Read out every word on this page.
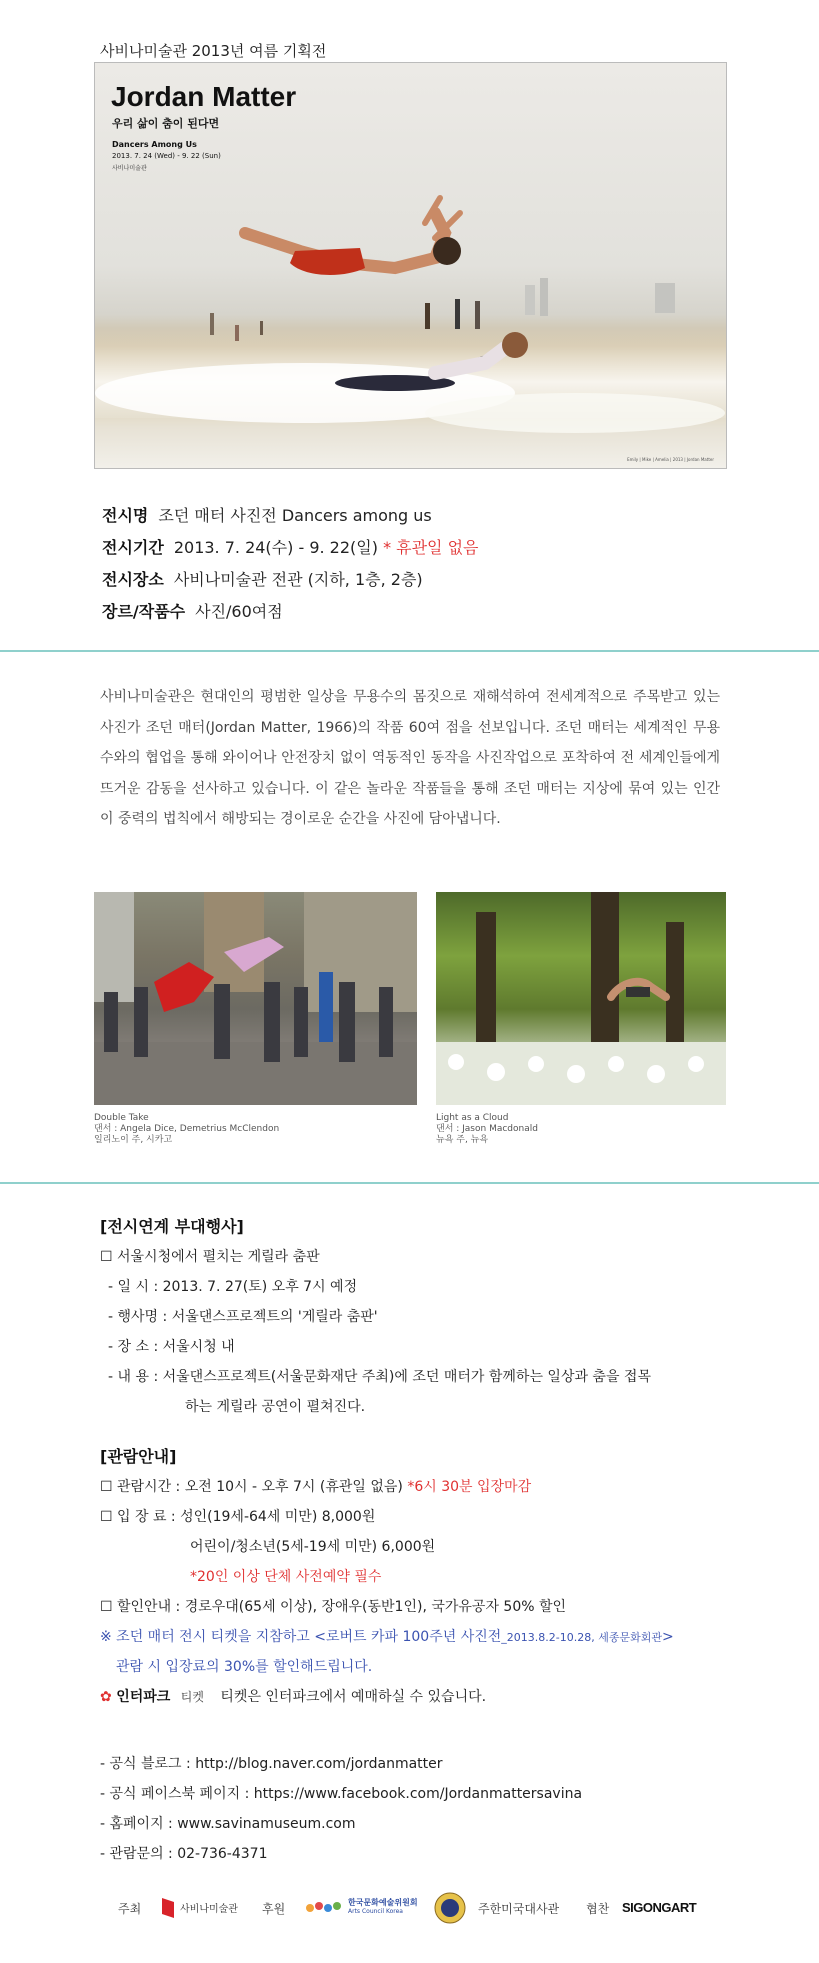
사비나미술관 2013년 여름 기획전
Jordan Matter
우리 삶이 춤이 된다면
Dancers Among Us
2013. 7. 24 (Wed) - 9. 22 (Sun)
사비나미술관
Emily | Mike | Amelia | 2013 | Jordan Matter
전시명 조던 매터 사진전 Dancers among us
전시기간 2013. 7. 24(수) - 9. 22(일) * 휴관일 없음
전시장소 사비나미술관 전관 (지하, 1층, 2층)
장르/작품수 사진/60여점
사비나미술관은 현대인의 평범한 일상을 무용수의 몸짓으로 재해석하여 전세계적으로 주목받고 있는 사진가 조던 매터(Jordan Matter, 1966)의 작품 60여 점을 선보입니다. 조던 매터는 세계적인 무용수와의 협업을 통해 와이어나 안전장치 없이 역동적인 동작을 사진작업으로 포착하여 전 세계인들에게 뜨거운 감동을 선사하고 있습니다. 이 같은 놀라운 작품들을 통해 조던 매터는 지상에 묶여 있는 인간이 중력의 법칙에서 해방되는 경이로운 순간을 사진에 담아냅니다.
Double Take
댄서 : Angela Dice, Demetrius McClendon
일리노이 주, 시카고
Light as a Cloud
댄서 : Jason Macdonald
뉴욕 주, 뉴욕
[전시연계 부대행사]
☐ 서울시청에서 펼치는 게릴라 춤판
- 일 시 : 2013. 7. 27(토) 오후 7시 예정
- 행사명 : 서울댄스프로젝트의 '게릴라 춤판'
- 장 소 : 서울시청 내
- 내 용 : 서울댄스프로젝트(서울문화재단 주최)에 조던 매터가 함께하는 일상과 춤을 접목
하는 게릴라 공연이 펼쳐진다.
[관람안내]
☐ 관람시간 : 오전 10시 - 오후 7시 (휴관일 없음) *6시 30분 입장마감
☐ 입 장 료 : 성인(19세-64세 미만) 8,000원
어린이/청소년(5세-19세 미만) 6,000원
*20인 이상 단체 사전예약 필수
☐ 할인안내 : 경로우대(65세 이상), 장애우(동반1인), 국가유공자 50% 할인
※ 조던 매터 전시 티켓을 지참하고 <로버트 카파 100주년 사진전_2013.8.2-10.28, 세종문화회관>
관람 시 입장료의 30%를 할인해드립니다.
✿ 인터파크 티켓 티켓은 인터파크에서 예매하실 수 있습니다.
- 공식 블로그 : http://blog.naver.com/jordanmatter
- 공식 페이스북 페이지 : https://www.facebook.com/Jordanmattersavina
- 홈페이지 : www.savinamuseum.com
- 관람문의 : 02-736-4371
주최	사비나미술관 후원	한국문화예술위원회
Arts Council Korea	주한미국대사관 협찬 SIGONGART
